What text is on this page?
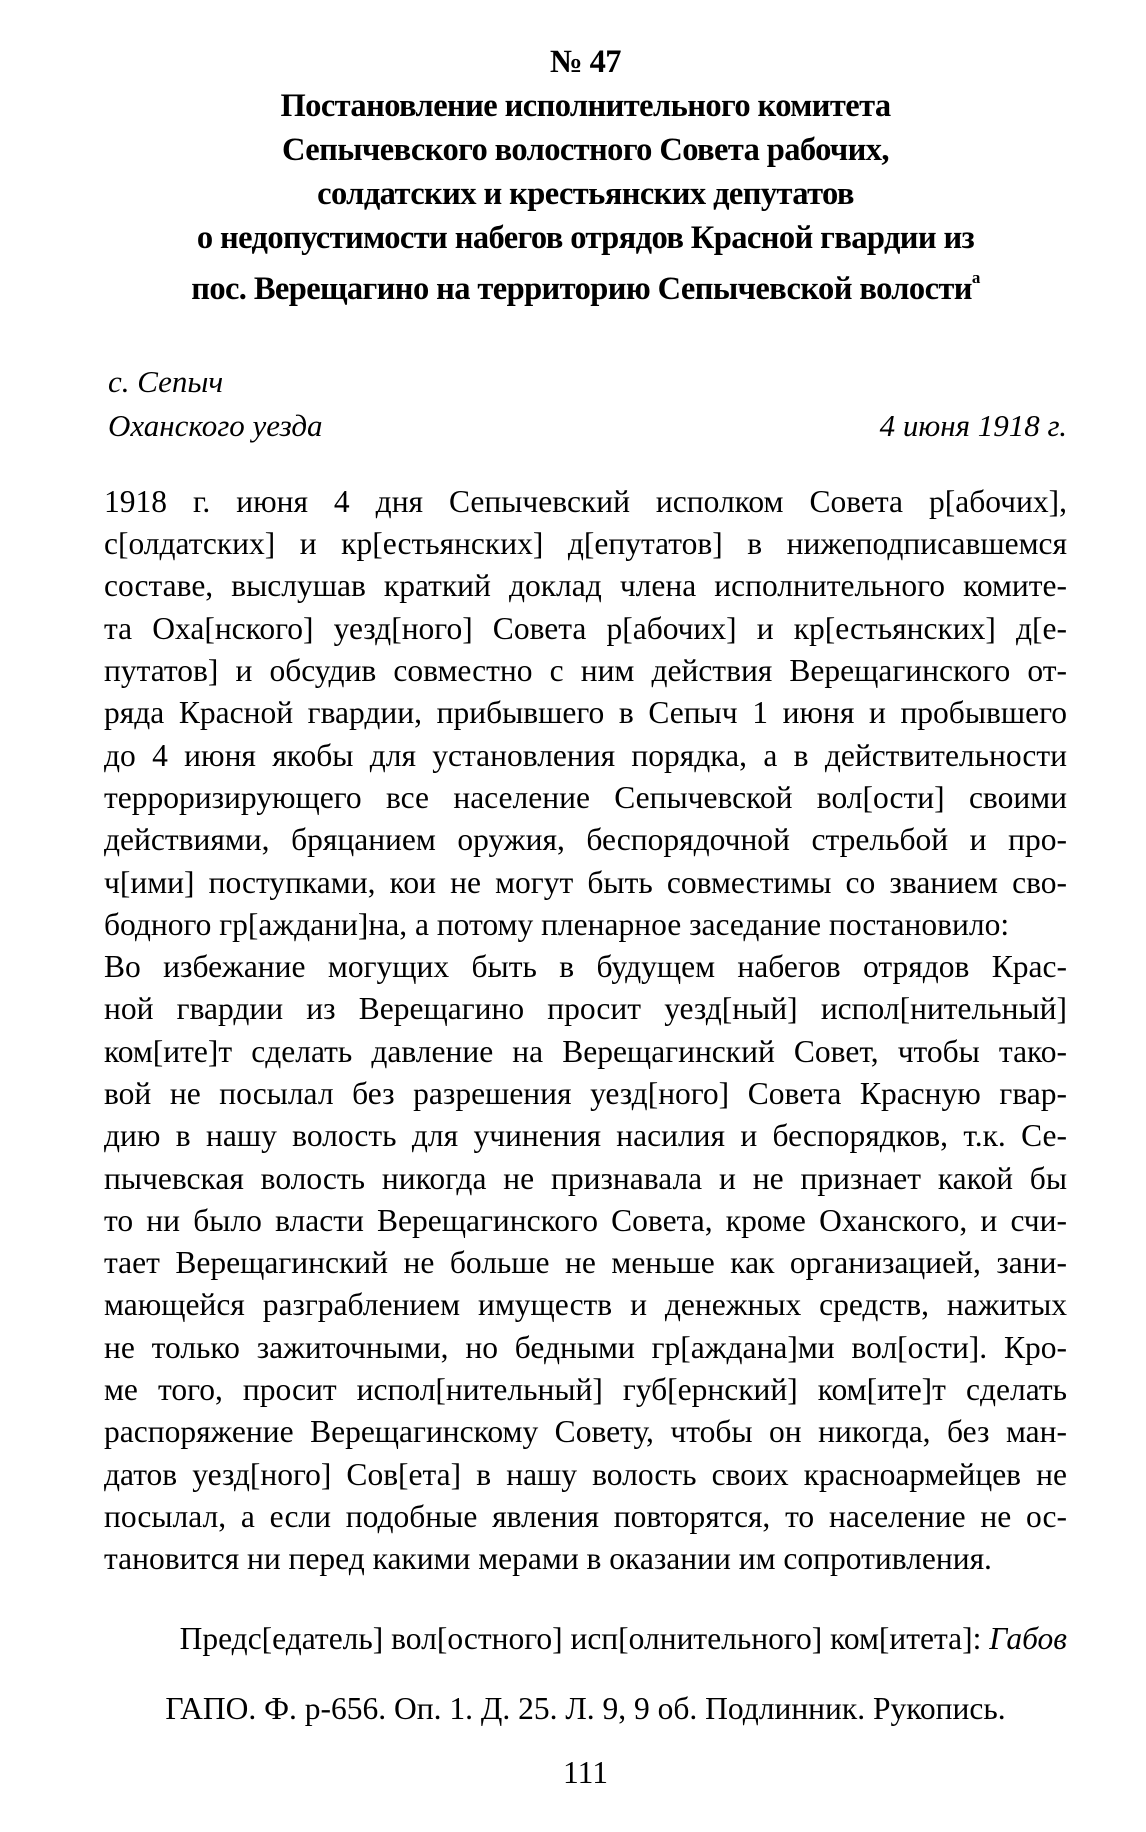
№ 47
Постановление исполнительного комитета
Сепычевского волостного Совета рабочих,
солдатских и крестьянских депутатов
о недопустимости набегов отрядов Красной гвардии из
пос. Верещагино на территорию Сепычевской волости$^а$
с. Сепыч
Оханского уезда	4 июня 1918 г.
1918 г. июня 4 дня Сепычевский исполком Совета р[абочих],
с[олдатских] и кр[естьянских] д[епутатов] в нижеподписавшемся
составе, выслушав краткий доклад члена исполнительного комите-
та Оха[нского] уезд[ного] Совета р[абочих] и кр[естьянских] д[е-
путатов] и обсудив совместно с ним действия Верещагинского от-
ряда Красной гвардии, прибывшего в Сепыч 1 июня и пробывшего
до 4 июня якобы для установления порядка, а в действительности
терроризирующего все население Сепычевской вол[ости] своими
действиями, бряцанием оружия, беспорядочной стрельбой и про-
ч[ими] поступками, кои не могут быть совместимы со званием сво-
бодного гр[аждани]на, а потому пленарное заседание постановило:
Во избежание могущих быть в будущем набегов отрядов Крас-
ной гвардии из Верещагино просит уезд[ный] испол[нительный]
ком[ите]т сделать давление на Верещагинский Совет, чтобы тако-
вой не посылал без разрешения уезд[ного] Совета Красную гвар-
дию в нашу волость для учинения насилия и беспорядков, т.к. Се-
пычевская волость никогда не признавала и не признает какой бы
то ни было власти Верещагинского Совета, кроме Оханского, и счи-
тает Верещагинский не больше не меньше как организацией, зани-
мающейся разграблением имуществ и денежных средств, нажитых
не только зажиточными, но бедными гр[аждана]ми вол[ости]. Кро-
ме того, просит испол[нительный] губ[ернский] ком[ите]т сделать
распоряжение Верещагинскому Совету, чтобы он никогда, без ман-
датов уезд[ного] Сов[ета] в нашу волость своих красноармейцев не
посылал, а если подобные явления повторятся, то население не ос-
тановится ни перед какими мерами в оказании им сопротивления.
Предс[едатель] вол[остного] исп[олнительного] ком[итета]: Габов
ГАПО. Ф. р-656. Оп. 1. Д. 25. Л. 9, 9 об. Подлинник. Рукопись.
111
